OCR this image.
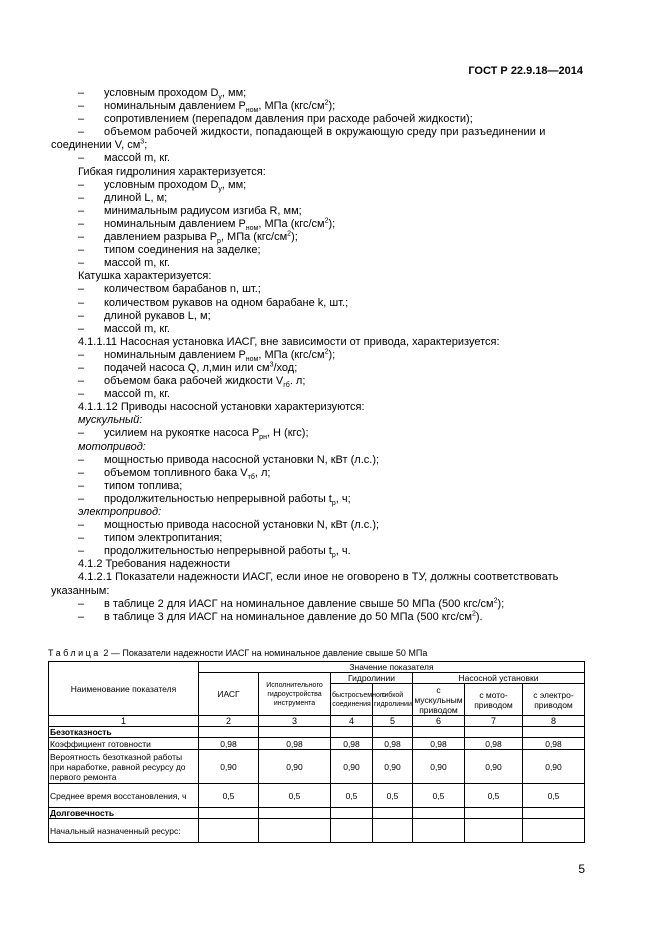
ГОСТ Р 22.9.18—2014
– условным проходом $D_у$, мм;
– номинальным давлением $Р_{ном}$, МПа $(кгс/см^2)$;
– сопротивлением (перепадом давления при расходе рабочей жидкости);
– объемом рабочей жидкости, попадающей в окружающую среду при разъединении и
соединении V, $см^3$;
– массой m, кг.
Гибкая гидролиния характеризуется:
– условным проходом $D_у$, мм;
– длиной L, м;
– минимальным радиусом изгиба R, мм;
– номинальным давлением $Р_{ном}$, МПа $(кгс/см^2)$;
– давлением разрыва $Р_р$, МПа $(кгс/см^2)$;
– типом соединения на заделке;
– массой m, кг.
Катушка характеризуется:
– количеством барабанов n, шт.;
– количеством рукавов на одном барабане k, шт.;
– длиной рукавов L, м;
– массой m, кг.
4.1.1.11 Насосная установка ИАСГ, вне зависимости от привода, характеризуется:
– номинальным давлением $Р_{ном}$, МПа $(кгс/см^2)$;
– подачей насоса Q, л,мин или $см^3$/ход;
– объемом бака рабочей жидкости $V_{гб}$. л;
– массой m, кг.
4.1.1.12 Приводы насосной установки характеризуются:
мускульный:
– усилием на рукоятке насоса $Р_{рн}$, Н (кгс);
мотопривод:
– мощностью привода насосной установки N, кВт (л.с.);
– объемом топливного бака $V_{тб}$, л;
– типом топлива;
– продолжительностью непрерывной работы $t_р$, ч;
электропривод:
– мощностью привода насосной установки N, кВт (л.с.);
– типом электропитания;
– продолжительностью непрерывной работы $t_р$, ч.
4.1.2 Требования надежности
4.1.2.1 Показатели надежности ИАСГ, если иное не оговорено в ТУ, должны соответствовать
указанным:
– в таблице 2 для ИАСГ на номинальное давление свыше 50 МПа (500 кгс/$см^2$);
– в таблице 3 для ИАСГ на номинальное давление до 50 МПа (500 кгс/$см^2$).
Таблица 2 — Показатели надежности ИАСГ на номинальное давление свыше 50 МПа
Наименование показателя	Значение показателя						
	ИАСГ	Исполнительного гидроустройства инструмента	Гидролинии		Насосной установки		
			быстросъемного соединения	гибкой гидролинии	с мускульным приводом	с мото-приводом	с электро-приводом
1	2	3	4	5	6	7	8
Безотказность							
Коэффициент готовности	0,98	0,98	0,98	0,98	0,98	0,98	0,98
Вероятность безотказной работы при наработке, равной ресурсу до первого ремонта	0,90	0,90	0,90	0,90	0,90	0,90	0,90
Среднее время восстановления, ч	0,5	0,5	0,5	0,5	0,5	0,5	0,5
Долговечность							
Начальный назначенный ресурс:							
5
